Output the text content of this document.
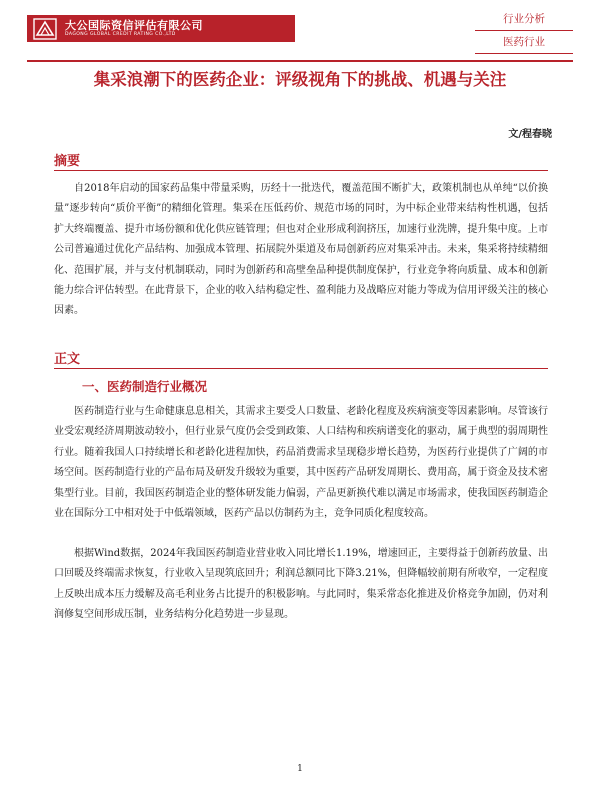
大公国际资信评估有限公司
DAGONG GLOBAL CREDIT RATING CO.,LTD
行业分析
医药行业
集采浪潮下的医药企业：评级视角下的挑战、机遇与关注
文/程春晓
摘要
自2018年启动的国家药品集中带量采购，历经十一批迭代，覆盖范围不断扩大，政策机制也从单纯“以价换量”逐步转向“质价平衡”的精细化管理。集采在压低药价、规范市场的同时，为中标企业带来结构性机遇，包括扩大终端覆盖、提升市场份额和优化供应链管理；但也对企业形成利润挤压，加速行业洗牌，提升集中度。上市公司普遍通过优化产品结构、加强成本管理、拓展院外渠道及布局创新药应对集采冲击。未来，集采将持续精细化、范围扩展，并与支付机制联动，同时为创新药和高壁垒品种提供制度保护，行业竞争将向质量、成本和创新能力综合评估转型。在此背景下，企业的收入结构稳定性、盈利能力及战略应对能力等成为信用评级关注的核心因素。
正文
一、医药制造行业概况
医药制造行业与生命健康息息相关，其需求主要受人口数量、老龄化程度及疾病演变等因素影响。尽管该行业受宏观经济周期波动较小，但行业景气度仍会受到政策、人口结构和疾病谱变化的驱动，属于典型的弱周期性行业。随着我国人口持续增长和老龄化进程加快，药品消费需求呈现稳步增长趋势，为医药行业提供了广阔的市场空间。医药制造行业的产品布局及研发升级较为重要，其中医药产品研发周期长、费用高，属于资金及技术密集型行业。目前，我国医药制造企业的整体研发能力偏弱，产品更新换代难以满足市场需求，使我国医药制造企业在国际分工中相对处于中低端领域，医药产品以仿制药为主，竞争同质化程度较高。
根据Wind数据，2024年我国医药制造业营业收入同比增长1.19%，增速回正，主要得益于创新药放量、出口回暖及终端需求恢复，行业收入呈现筑底回升；利润总额同比下降3.21%，但降幅较前期有所收窄，一定程度上反映出成本压力缓解及高毛利业务占比提升的积极影响。与此同时，集采常态化推进及价格竞争加剧，仍对利润修复空间形成压制，业务结构分化趋势进一步显现。
1
